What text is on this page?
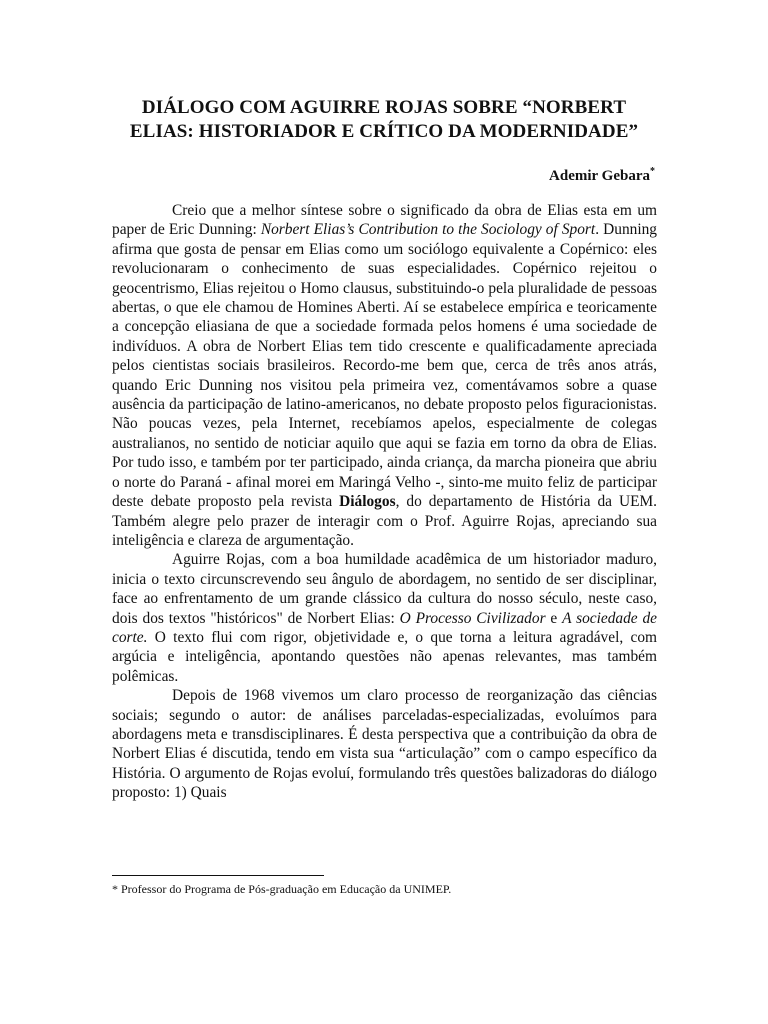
DIÁLOGO COM AGUIRRE ROJAS SOBRE “NORBERT
ELIAS: HISTORIADOR E CRÍTICO DA MODERNIDADE”
Ademir Gebara*

Creio que a melhor síntese sobre o significado da obra de Elias esta em um paper de Eric Dunning: Norbert Elias’s Contribution to the Sociology of Sport. Dunning afirma que gosta de pensar em Elias como um sociólogo equivalente a Copérnico: eles revolucionaram o conhecimento de suas especialidades. Copérnico rejeitou o geocentrismo, Elias rejeitou o Homo clausus, substituindo-o pela pluralidade de pessoas abertas, o que ele chamou de Homines Aberti. Aí se estabelece empírica e teoricamente a concepção eliasiana de que a sociedade formada pelos homens é uma sociedade de indivíduos. A obra de Norbert Elias tem tido crescente e qualificadamente apreciada pelos cientistas sociais brasileiros. Recordo-me bem que, cerca de três anos atrás, quando Eric Dunning nos visitou pela primeira vez, comentávamos sobre a quase ausência da participação de latino-americanos, no debate proposto pelos figuracionistas. Não poucas vezes, pela Internet, recebíamos apelos, especialmente de colegas australianos, no sentido de noticiar aquilo que aqui se fazia em torno da obra de Elias. Por tudo isso, e também por ter participado, ainda criança, da marcha pioneira que abriu o norte do Paraná - afinal morei em Maringá Velho -, sinto-me muito feliz de participar deste debate proposto pela revista Diálogos, do departamento de História da UEM. Também alegre pelo prazer de interagir com o Prof. Aguirre Rojas, apreciando sua inteligência e clareza de argumentação.

Aguirre Rojas, com a boa humildade acadêmica de um historiador maduro, inicia o texto circunscrevendo seu ângulo de abordagem, no sentido de ser disciplinar, face ao enfrentamento de um grande clássico da cultura do nosso século, neste caso, dois dos textos "históricos" de Norbert Elias: O Processo Civilizador e A sociedade de corte. O texto flui com rigor, objetividade e, o que torna a leitura agradável, com argúcia e inteligência, apontando questões não apenas relevantes, mas também polêmicas.

Depois de 1968 vivemos um claro processo de reorganização das ciências sociais; segundo o autor: de análises parceladas-especializadas, evoluímos para abordagens meta e transdisciplinares. É desta perspectiva que a contribuição da obra de Norbert Elias é discutida, tendo em vista sua “articulação” com o campo específico da História. O argumento de Rojas evoluí, formulando três questões balizadoras do diálogo proposto: 1) Quais

* Professor do Programa de Pós-graduação em Educação da UNIMEP.
